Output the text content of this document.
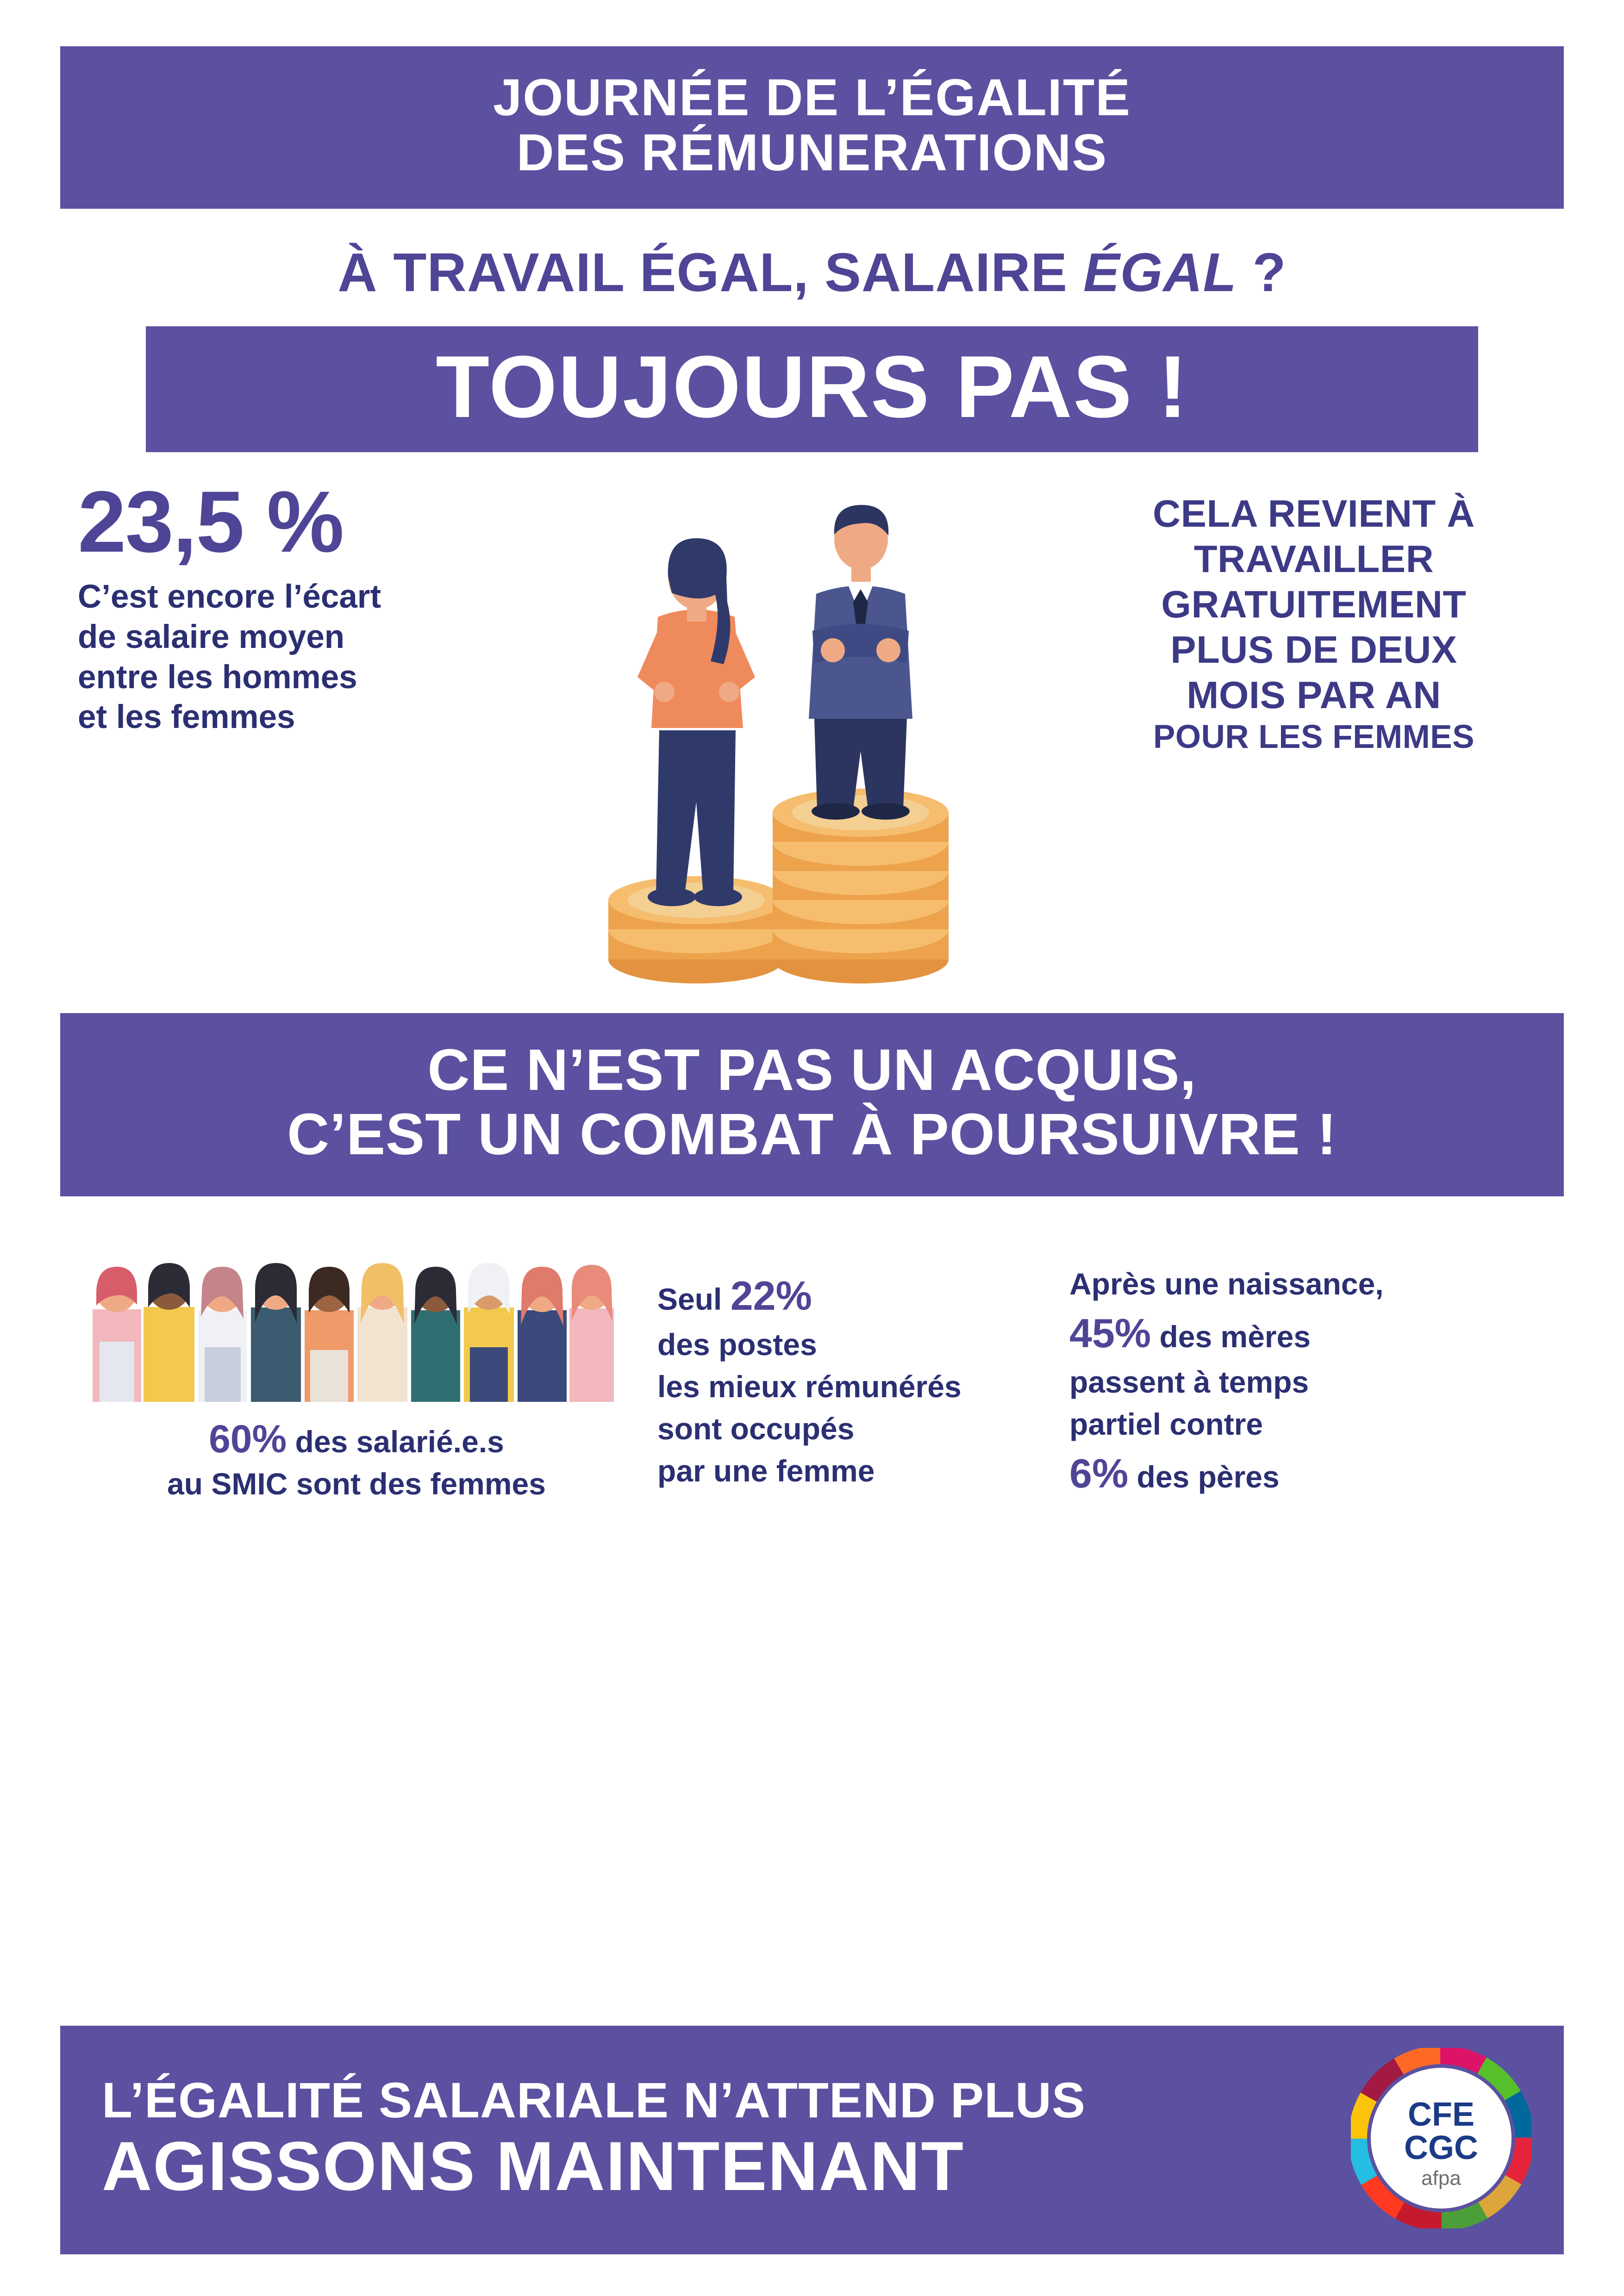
JOURNÉE DE L’ÉGALITÉ
DES RÉMUNERATIONS
À TRAVAIL ÉGAL, SALAIRE ÉGAL ?
TOUJOURS PAS !
23,5 %
C’est encore l’écart
de salaire moyen
entre les hommes
et les femmes
CELA REVIENT À
TRAVAILLER
GRATUITEMENT
PLUS DE DEUX
MOIS PAR AN
POUR LES FEMMES
CE N’EST PAS UN ACQUIS,
C’EST UN COMBAT À POURSUIVRE !
60% des salarié.e.s
au SMIC sont des femmes
Seul 22%
des postes
les mieux rémunérés
sont occupés
par une femme
Après une naissance,
45% des mères
passent à temps
partiel contre
6% des pères
L’ÉGALITÉ SALARIALE N’ATTEND PLUS
AGISSONS MAINTENANT
CFE
CGC
afpa
